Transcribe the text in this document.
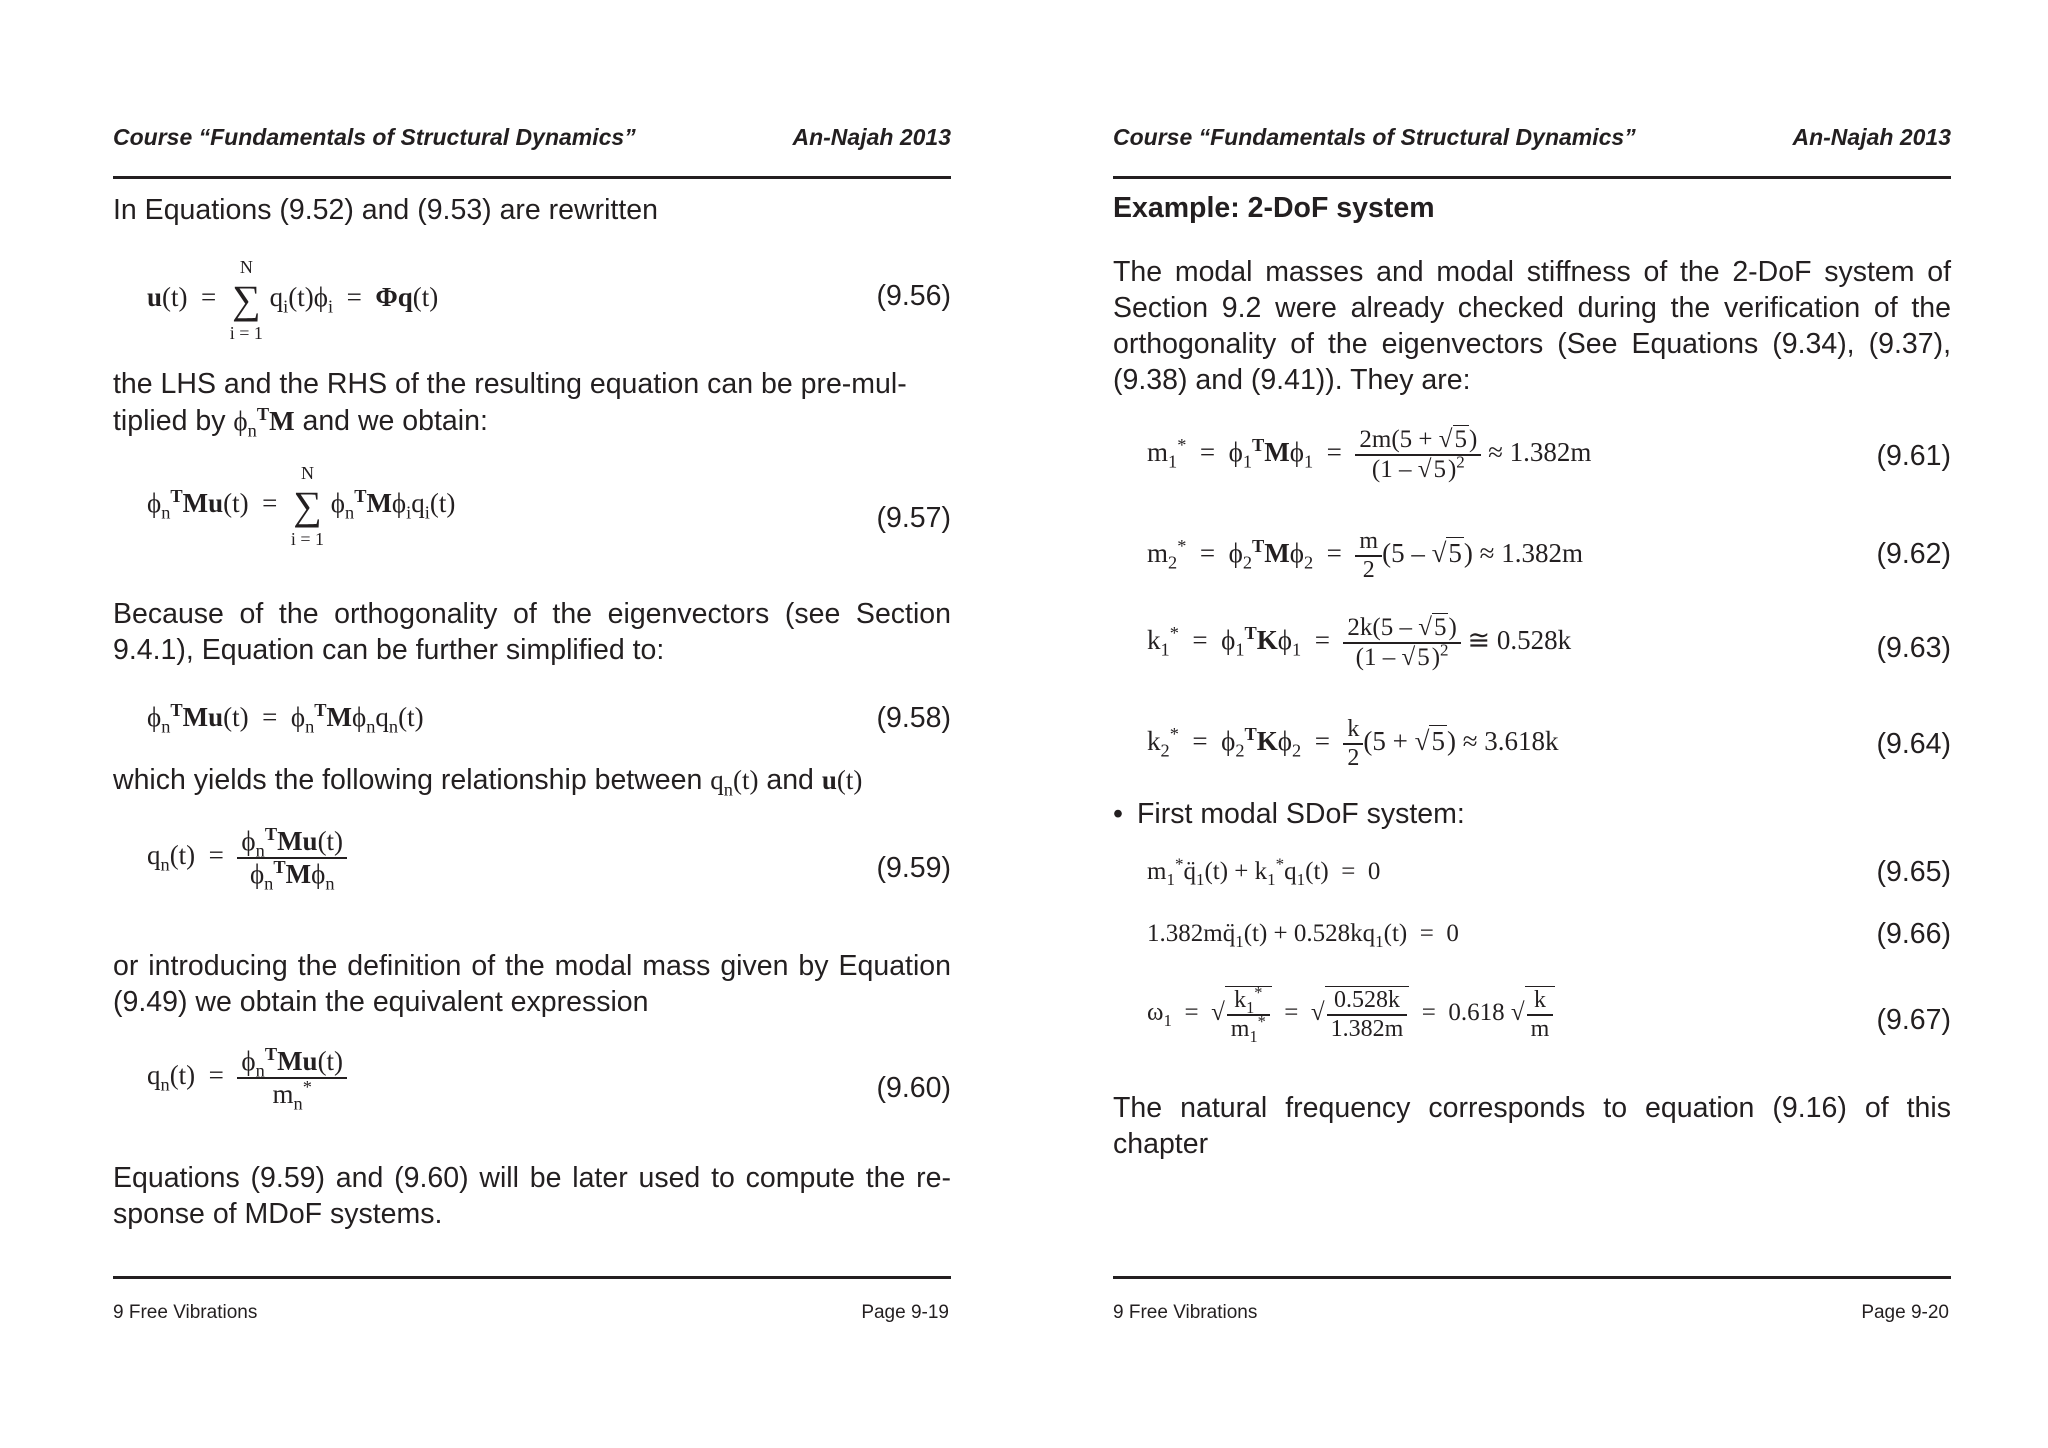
Course “Fundamentals of Structural Dynamics”	An-Najah 2013
In Equations (9.52) and (9.53) are rewritten
u(t)  =  N
∑
i = 1 $q_i(t)\phi_i = \Phi q(t)$	(9.56)
the LHS and the RHS of the resulting equation can be pre-mul-
tiplied by $\phi_n^TM$ and we obtain:
$\phi_n^TMu(t) = N$
∑
i = 1 $\phi_n^TM\phi_iq_i(t)$	(9.57)
Because of the orthogonality of the eigenvectors (see Section 9.4.1), Equation can be further simplified to:
$\phi_n^TMu(t) = \phi_n^TM\phi_nq_n(t)$	(9.58)
which yields the following relationship between $q_n(t)$ and u(t)
$q_n(t) = \frac{\phi_n^TMu(t)}{\phi_n^TM\phi_n}$	(9.59)
or introducing the definition of the modal mass given by Equation (9.49) we obtain the equivalent expression
$q_n(t) = \frac{\phi_n^TMu(t)}{m_n^*}$	(9.60)
Equations (9.59) and (9.60) will be later used to compute the re-sponse of MDoF systems.
9 Free Vibrations	Page 9-19
Course “Fundamentals of Structural Dynamics”	An-Najah 2013
Example: 2-DoF system
The modal masses and modal stiffness of the 2-DoF system of Section 9.2 were already checked during the verification of the orthogonality of the eigenvectors (See Equations (9.34), (9.37), (9.38) and (9.41)). They are:
$m_1^* = \phi_1^TM\phi_1 = \frac{2m(5 + √5)}{(1 - √5)^2} \approx 1.382m$	(9.61)
$m_2^* = \phi_2^TM\phi_2 = \frac{m}{2} (5 - √5) \approx 1.382m$	(9.62)
$k_1^* = \phi_1^TK\phi_1 = \frac{2k(5 - √5)}{(1 - √5)^2}$ ≅ 0.528k	(9.63)
$k_2^* = \phi_2^TK\phi_2 = \frac{k}{2} (5 + √5) \approx 3.618k$	(9.64)
• First modal SDoF system:
$m_1^*q̈_1(t) + k_1^*q_1(t) = 0$	(9.65)
$1.382mq̈_1(t) + 0.528kq_1(t) = 0$	(9.66)
$\omega_1$  =  √ $\frac{k_1^*}{m_1^*}$ =  √ $\frac{0.528k}{1.382m} = 0.618$ √ $\frac{k}{m}$	(9.67)
The natural frequency corresponds to equation (9.16) of this chapter
9 Free Vibrations	Page 9-20
